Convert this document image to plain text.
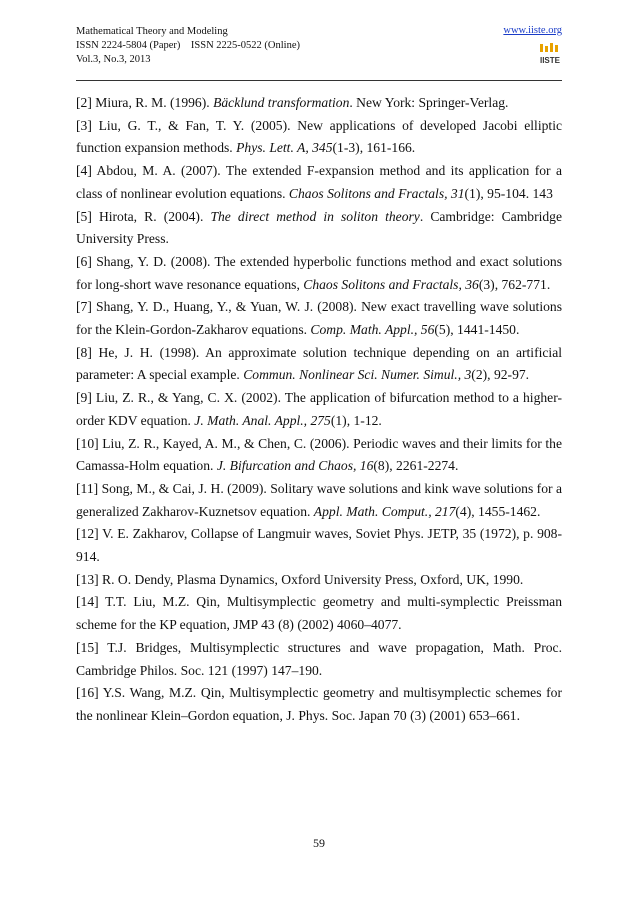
Mathematical Theory and Modeling
ISSN 2224-5804 (Paper)    ISSN 2225-0522 (Online)
Vol.3, No.3, 2013
www.iiste.org
IISTE

[2] Miura, R. M. (1996). Bäcklund transformation. New York: Springer-Verlag.

[3] Liu, G. T., & Fan, T. Y. (2005). New applications of developed Jacobi elliptic function expansion methods. Phys. Lett. A, 345(1-3), 161-166.

[4] Abdou, M. A. (2007). The extended F-expansion method and its application for a class of nonlinear evolution equations. Chaos Solitons and Fractals, 31(1), 95-104. 143

[5] Hirota, R. (2004). The direct method in soliton theory. Cambridge: Cambridge University Press.

[6] Shang, Y. D. (2008). The extended hyperbolic functions method and exact solutions for long-short wave resonance equations, Chaos Solitons and Fractals, 36(3), 762-771.

[7] Shang, Y. D., Huang, Y., & Yuan, W. J. (2008). New exact travelling wave solutions for the Klein-Gordon-Zakharov equations. Comp. Math. Appl., 56(5), 1441-1450.

[8] He, J. H. (1998). An approximate solution technique depending on an artificial parameter: A special example. Commun. Nonlinear Sci. Numer. Simul., 3(2), 92-97.

[9] Liu, Z. R., & Yang, C. X. (2002). The application of bifurcation method to a higher-order KDV equation. J. Math. Anal. Appl., 275(1), 1-12.

[10] Liu, Z. R., Kayed, A. M., & Chen, C. (2006). Periodic waves and their limits for the Camassa-Holm equation. J. Bifurcation and Chaos, 16(8), 2261-2274.

[11] Song, M., & Cai, J. H. (2009). Solitary wave solutions and kink wave solutions for a generalized Zakharov-Kuznetsov equation. Appl. Math. Comput., 217(4), 1455-1462.

[12] V. E. Zakharov, Collapse of Langmuir waves, Soviet Phys. JETP, 35 (1972), p. 908-914.

[13] R. O. Dendy, Plasma Dynamics, Oxford University Press, Oxford, UK, 1990.

[14] T.T. Liu, M.Z. Qin, Multisymplectic geometry and multi-symplectic Preissman scheme for the KP equation, JMP 43 (8) (2002) 4060–4077.

[15] T.J. Bridges, Multisymplectic structures and wave propagation, Math. Proc. Cambridge Philos. Soc. 121 (1997) 147–190.

[16] Y.S. Wang, M.Z. Qin, Multisymplectic geometry and multisymplectic schemes for the nonlinear Klein–Gordon equation, J. Phys. Soc. Japan 70 (3) (2001) 653–661.

59
